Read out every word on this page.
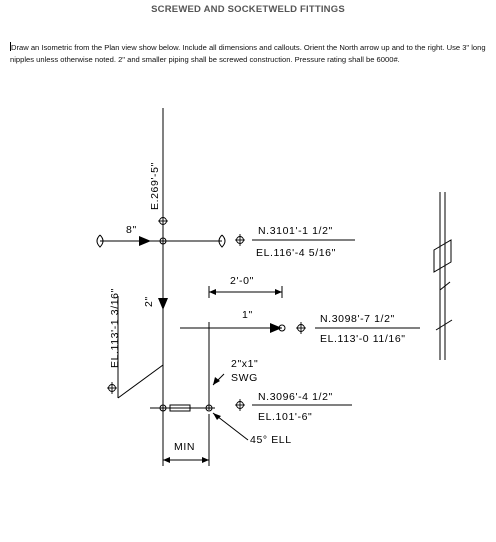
SCREWED AND SOCKETWELD FITTINGS
Draw an Isometric from the Plan view show below. Include all dimensions and callouts. Orient the North arrow up and to the right. Use 3" long nipples unless otherwise noted. 2" and smaller piping shall be screwed construction. Pressure rating shall be 6000#.
E.269'-5"
8"
2"
1"
2'-0"
2"x1"
SWG
MIN
45° ELL
EL.113'-1 3/16"
N.3101'-1 1/2"
EL.116'-4 5/16"
N.3098'-7 1/2"
EL.113'-0 11/16"
N.3096'-4 1/2"
EL.101'-6"
